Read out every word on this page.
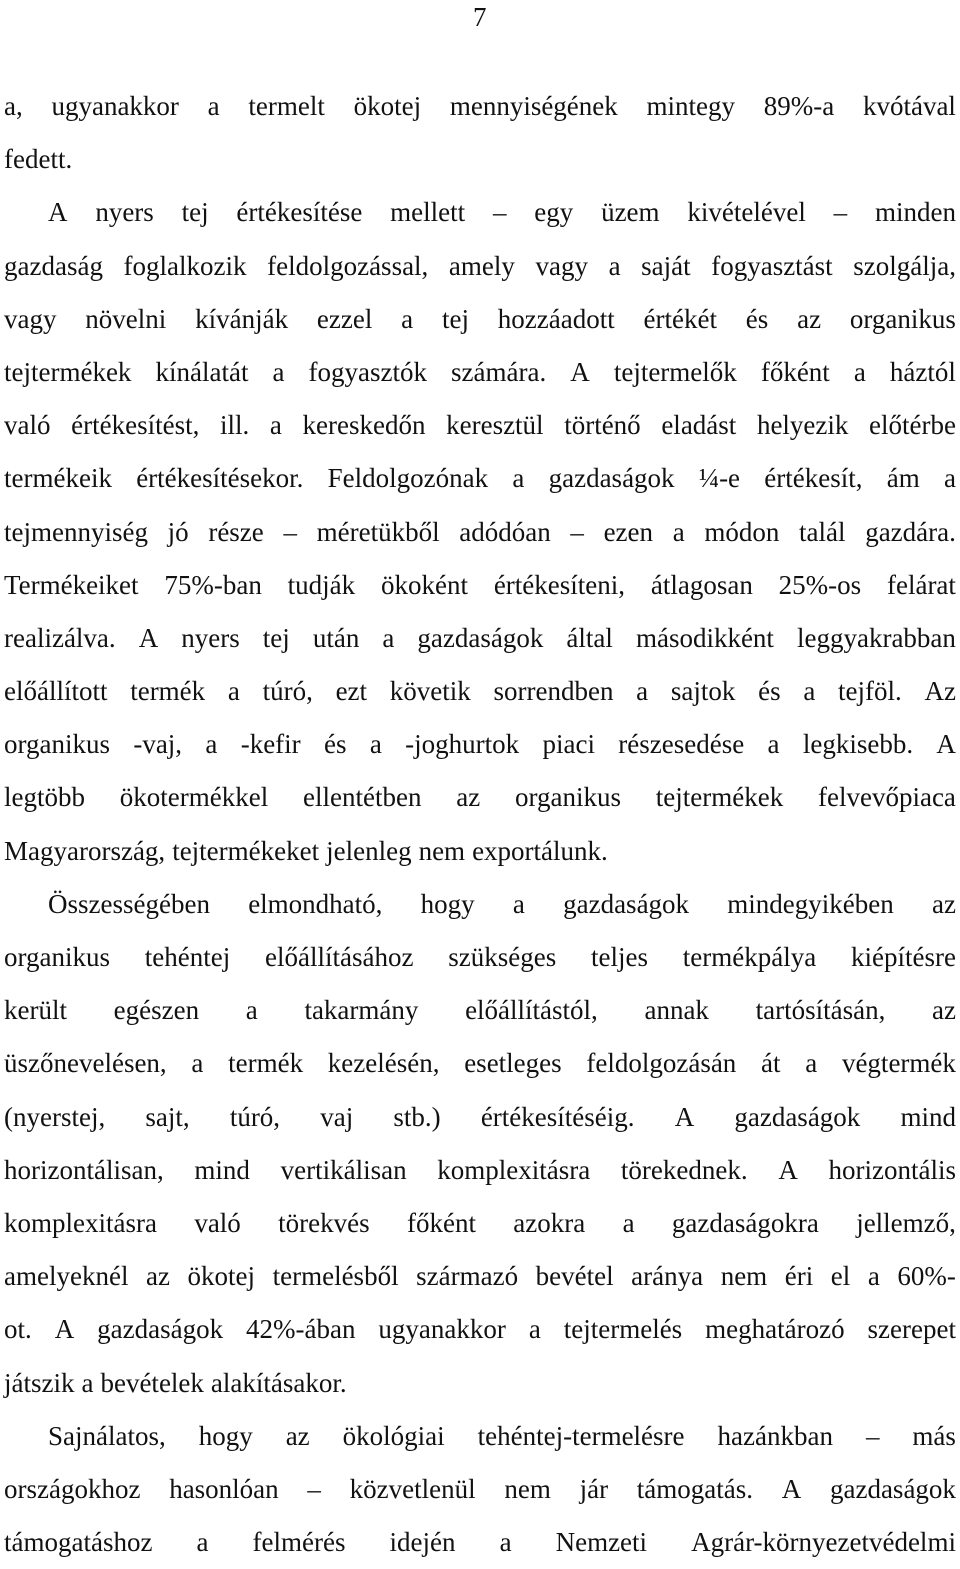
7
a, ugyanakkor a termelt ökotej mennyiségének mintegy 89%-a kvótával
fedett.
A nyers tej értékesítése mellett – egy üzem kivételével – minden
gazdaság foglalkozik feldolgozással, amely vagy a saját fogyasztást szolgálja,
vagy növelni kívánják ezzel a tej hozzáadott értékét és az organikus
tejtermékek kínálatát a fogyasztók számára. A tejtermelők főként a háztól
való értékesítést, ill. a kereskedőn keresztül történő eladást helyezik előtérbe
termékeik értékesítésekor. Feldolgozónak a gazdaságok ¼-e értékesít, ám a
tejmennyiség jó része – méretükből adódóan – ezen a módon talál gazdára.
Termékeiket 75%-ban tudják ökoként értékesíteni, átlagosan 25%-os felárat
realizálva. A nyers tej után a gazdaságok által másodikként leggyakrabban
előállított termék a túró, ezt követik sorrendben a sajtok és a tejföl. Az
organikus -vaj, a -kefir és a -joghurtok piaci részesedése a legkisebb. A
legtöbb ökotermékkel ellentétben az organikus tejtermékek felvevőpiaca
Magyarország, tejtermékeket jelenleg nem exportálunk.
Összességében elmondható, hogy a gazdaságok mindegyikében az
organikus tehéntej előállításához szükséges teljes termékpálya kiépítésre
került egészen a takarmány előállítástól, annak tartósításán, az
üszőnevelésen, a termék kezelésén, esetleges feldolgozásán át a végtermék
(nyerstej, sajt, túró, vaj stb.) értékesítéséig. A gazdaságok mind
horizontálisan, mind vertikálisan komplexitásra törekednek. A horizontális
komplexitásra való törekvés főként azokra a gazdaságokra jellemző,
amelyeknél az ökotej termelésből származó bevétel aránya nem éri el a 60%-
ot. A gazdaságok 42%-ában ugyanakkor a tejtermelés meghatározó szerepet
játszik a bevételek alakításakor.
Sajnálatos, hogy az ökológiai tehéntej-termelésre hazánkban – más
országokhoz hasonlóan – közvetlenül nem jár támogatás. A gazdaságok
támogatáshoz a felmérés idején a Nemzeti Agrár-környezetvédelmi
